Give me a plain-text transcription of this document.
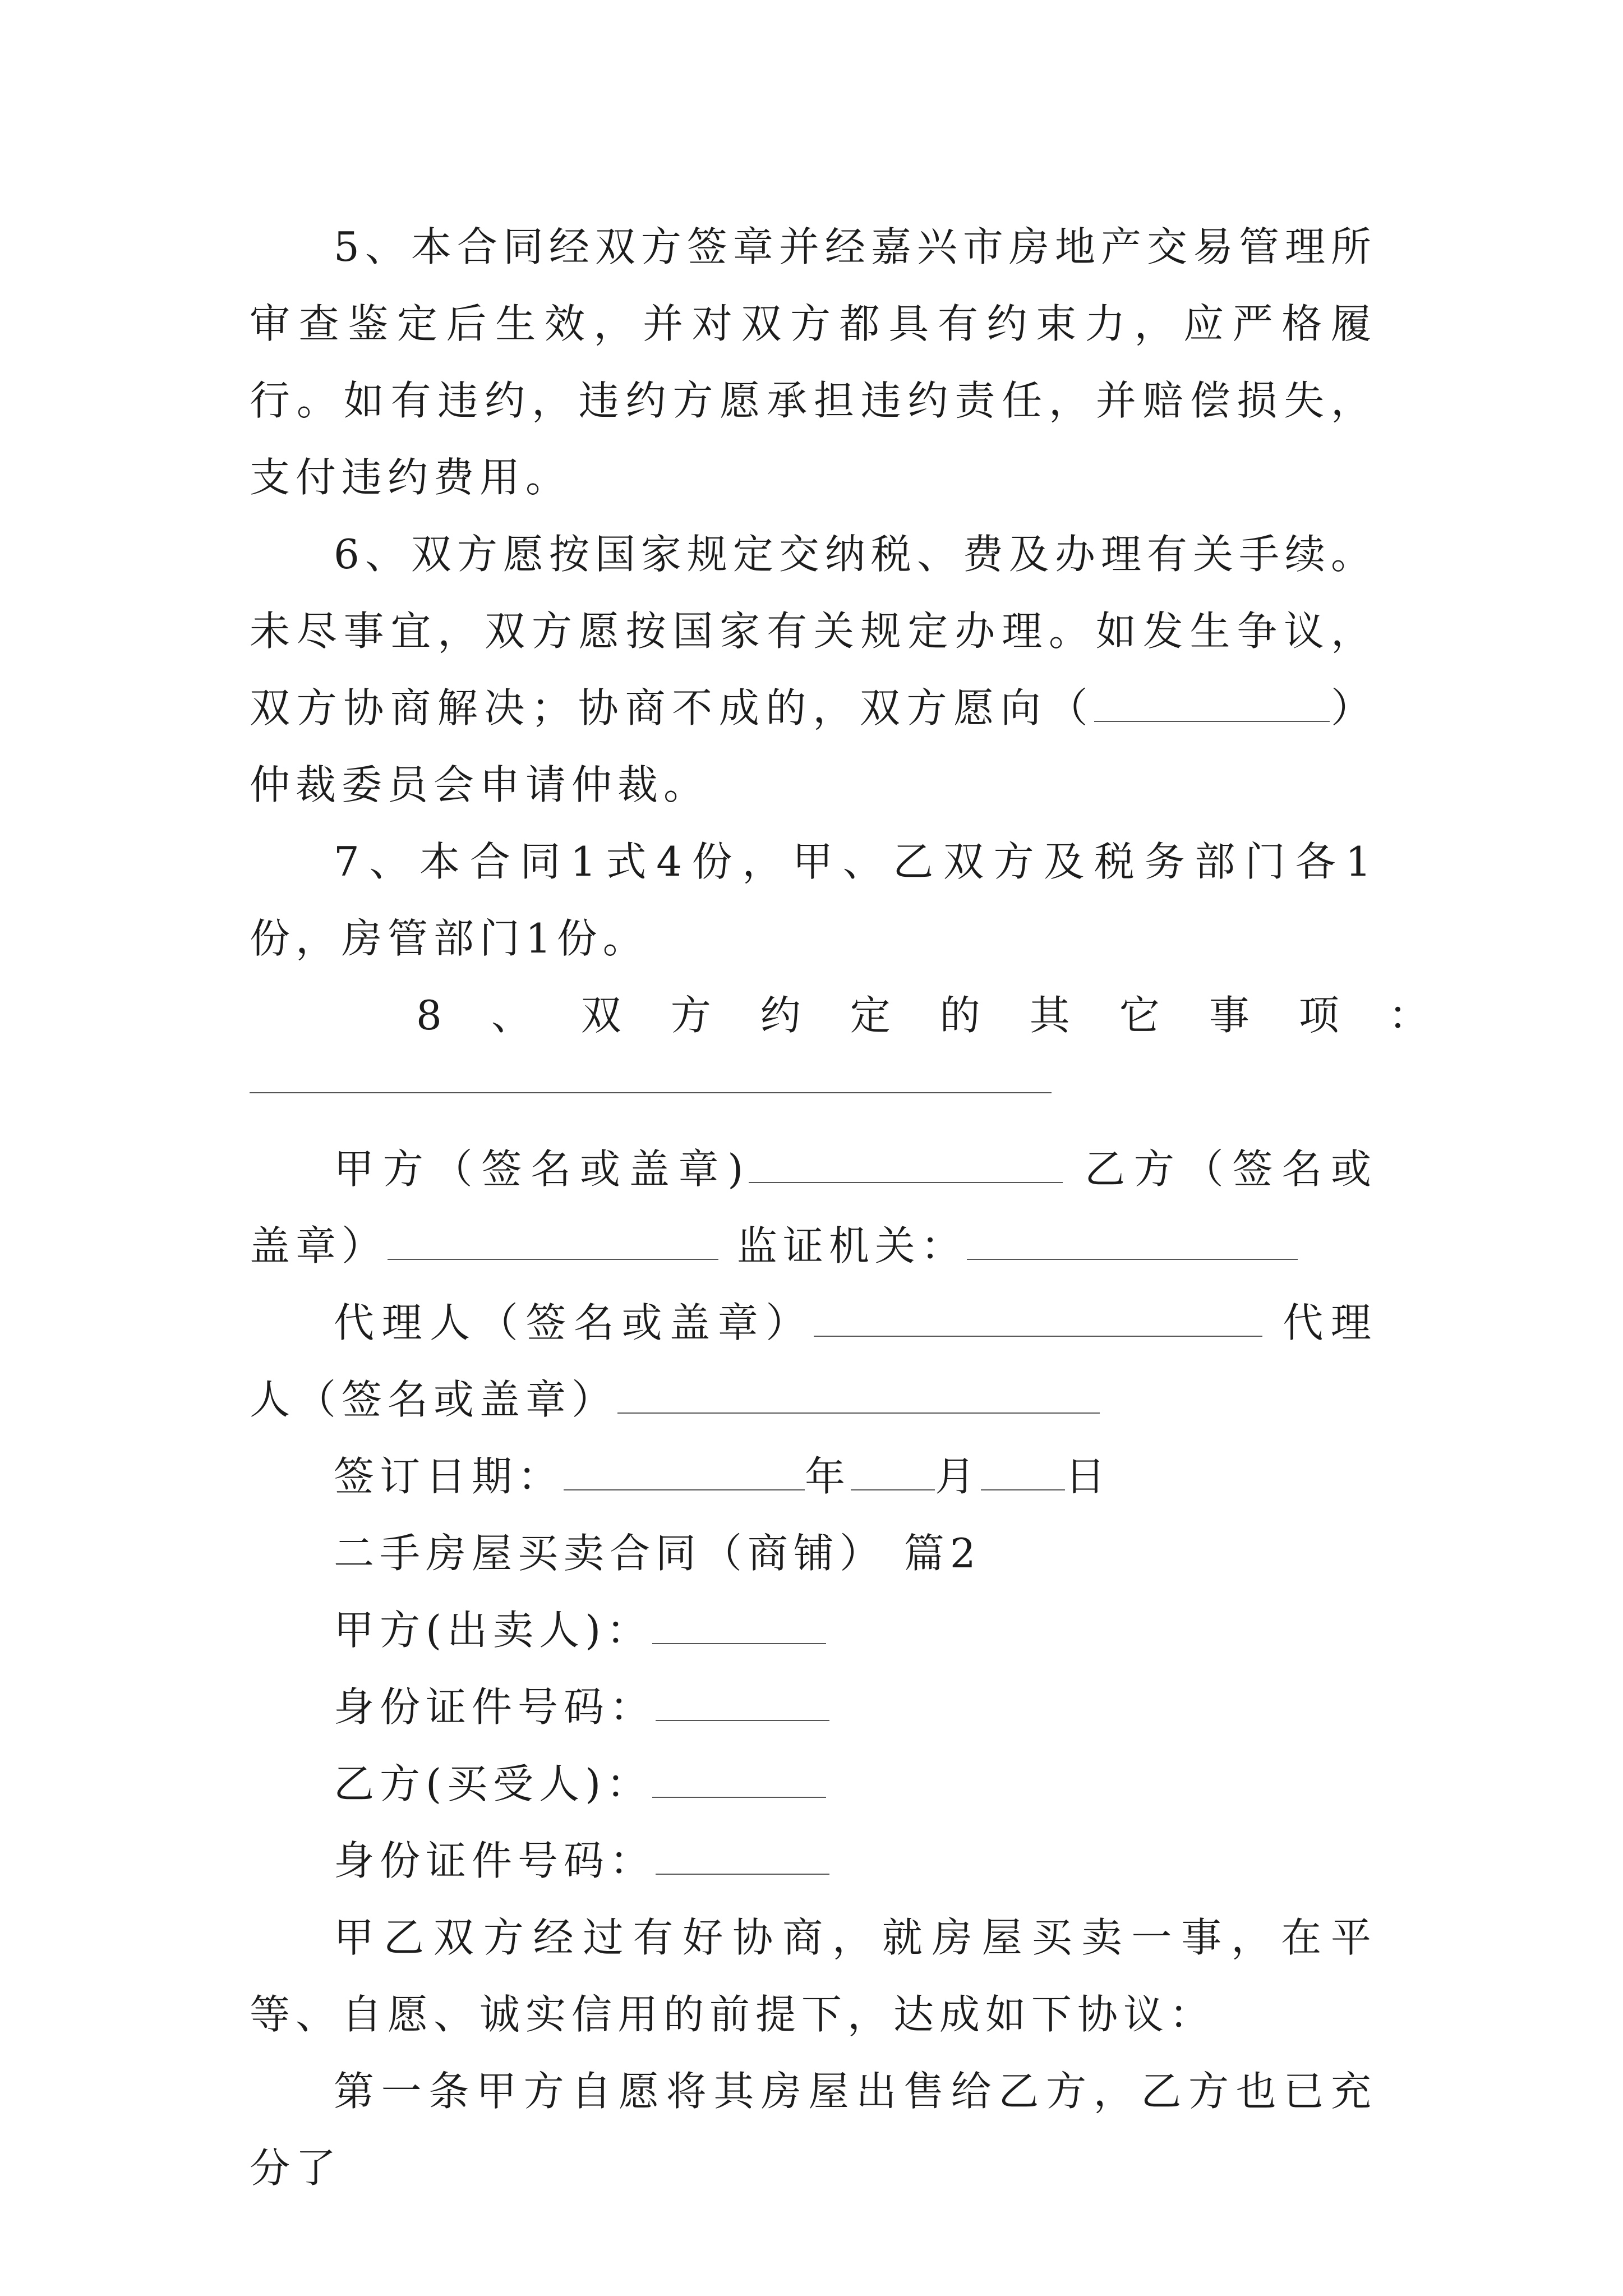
5、本合同经双方签章并经嘉兴市房地产交易管理所审查鉴定后生效，并对双方都具有约束力，应严格履行。如有违约，违约方愿承担违约责任，并赔偿损失，支付违约费用。

6、双方愿按国家规定交纳税、费及办理有关手续。未尽事宜，双方愿按国家有关规定办理。如发生争议，双方协商解决；协商不成的，双方愿向（	）仲裁委员会申请仲裁。

7、本合同1式4份，甲、乙双方及税务部门各1份，房管部门1份。

8、双方约定的其它事项：

甲方（签名或盖章)	乙方（签名或盖章）	监证机关：

代理人（签名或盖章）	代理人（签名或盖章）

签订日期：	年 月 日

二手房屋买卖合同（商铺） 篇2

甲方(出卖人)：

身份证件号码：

乙方(买受人)：

身份证件号码：

甲乙双方经过有好协商，就房屋买卖一事，在平等、自愿、诚实信用的前提下，达成如下协议：

第一条甲方自愿将其房屋出售给乙方，乙方也已充分了
